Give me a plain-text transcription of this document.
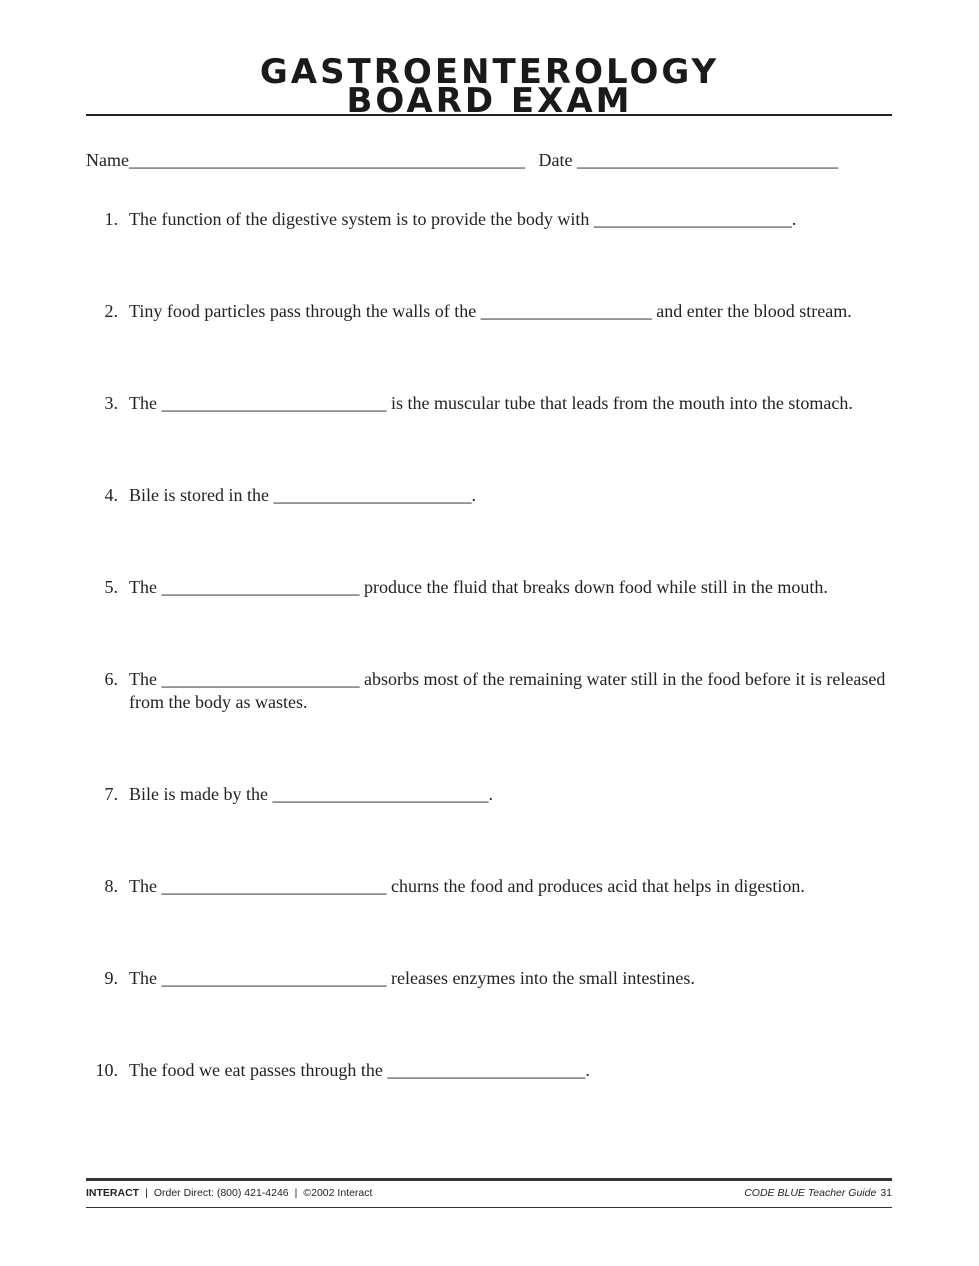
GASTROENTEROLOGY
BOARD EXAM
Name____________________________________________ Date _____________________________
1. The function of the digestive system is to provide the body with ______________________.
2. Tiny food particles pass through the walls of the ___________________ and enter the blood stream.
3. The _________________________ is the muscular tube that leads from the mouth into the stomach.
4. Bile is stored in the ______________________.
5. The ______________________ produce the fluid that breaks down food while still in the mouth.
6. The ______________________ absorbs most of the remaining water still in the food before it is released from the body as wastes.
7. Bile is made by the ________________________.
8. The _________________________ churns the food and produces acid that helps in digestion.
9. The _________________________ releases enzymes into the small intestines.
10. The food we eat passes through the ______________________.
INTERACT | Order Direct: (800) 421-4246 | ©2002 Interact	CODE BLUE Teacher Guide 31
